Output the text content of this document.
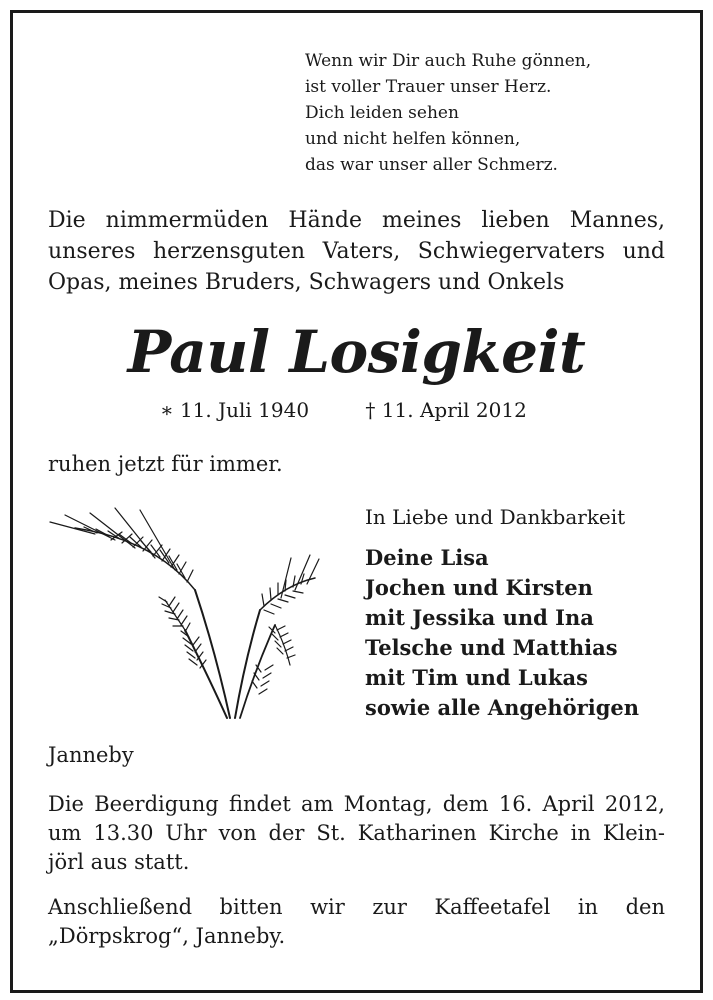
Wenn wir Dir auch Ruhe gönnen,
ist voller Trauer unser Herz.
Dich leiden sehen
und nicht helfen können,
das war unser aller Schmerz.
Die nimmermüden Hände meines lieben Mannes,
unseres herzensguten Vaters, Schwiegervaters und
Opas, meines Bruders, Schwagers und Onkels
Paul Losigkeit
∗ 11. Juli 1940	† 11. April 2012
ruhen jetzt für immer.
In Liebe und Dankbarkeit
Deine Lisa
Jochen und Kirsten
mit Jessika und Ina
Telsche und Matthias
mit Tim und Lukas
sowie alle Angehörigen
Janneby
Die Beerdigung findet am Montag, dem 16. April 2012,
um 13.30 Uhr von der St. Katharinen Kirche in Klein-
jörl aus statt.
Anschließend bitten wir zur Kaffeetafel in den
„Dörpskrog“, Janneby.
